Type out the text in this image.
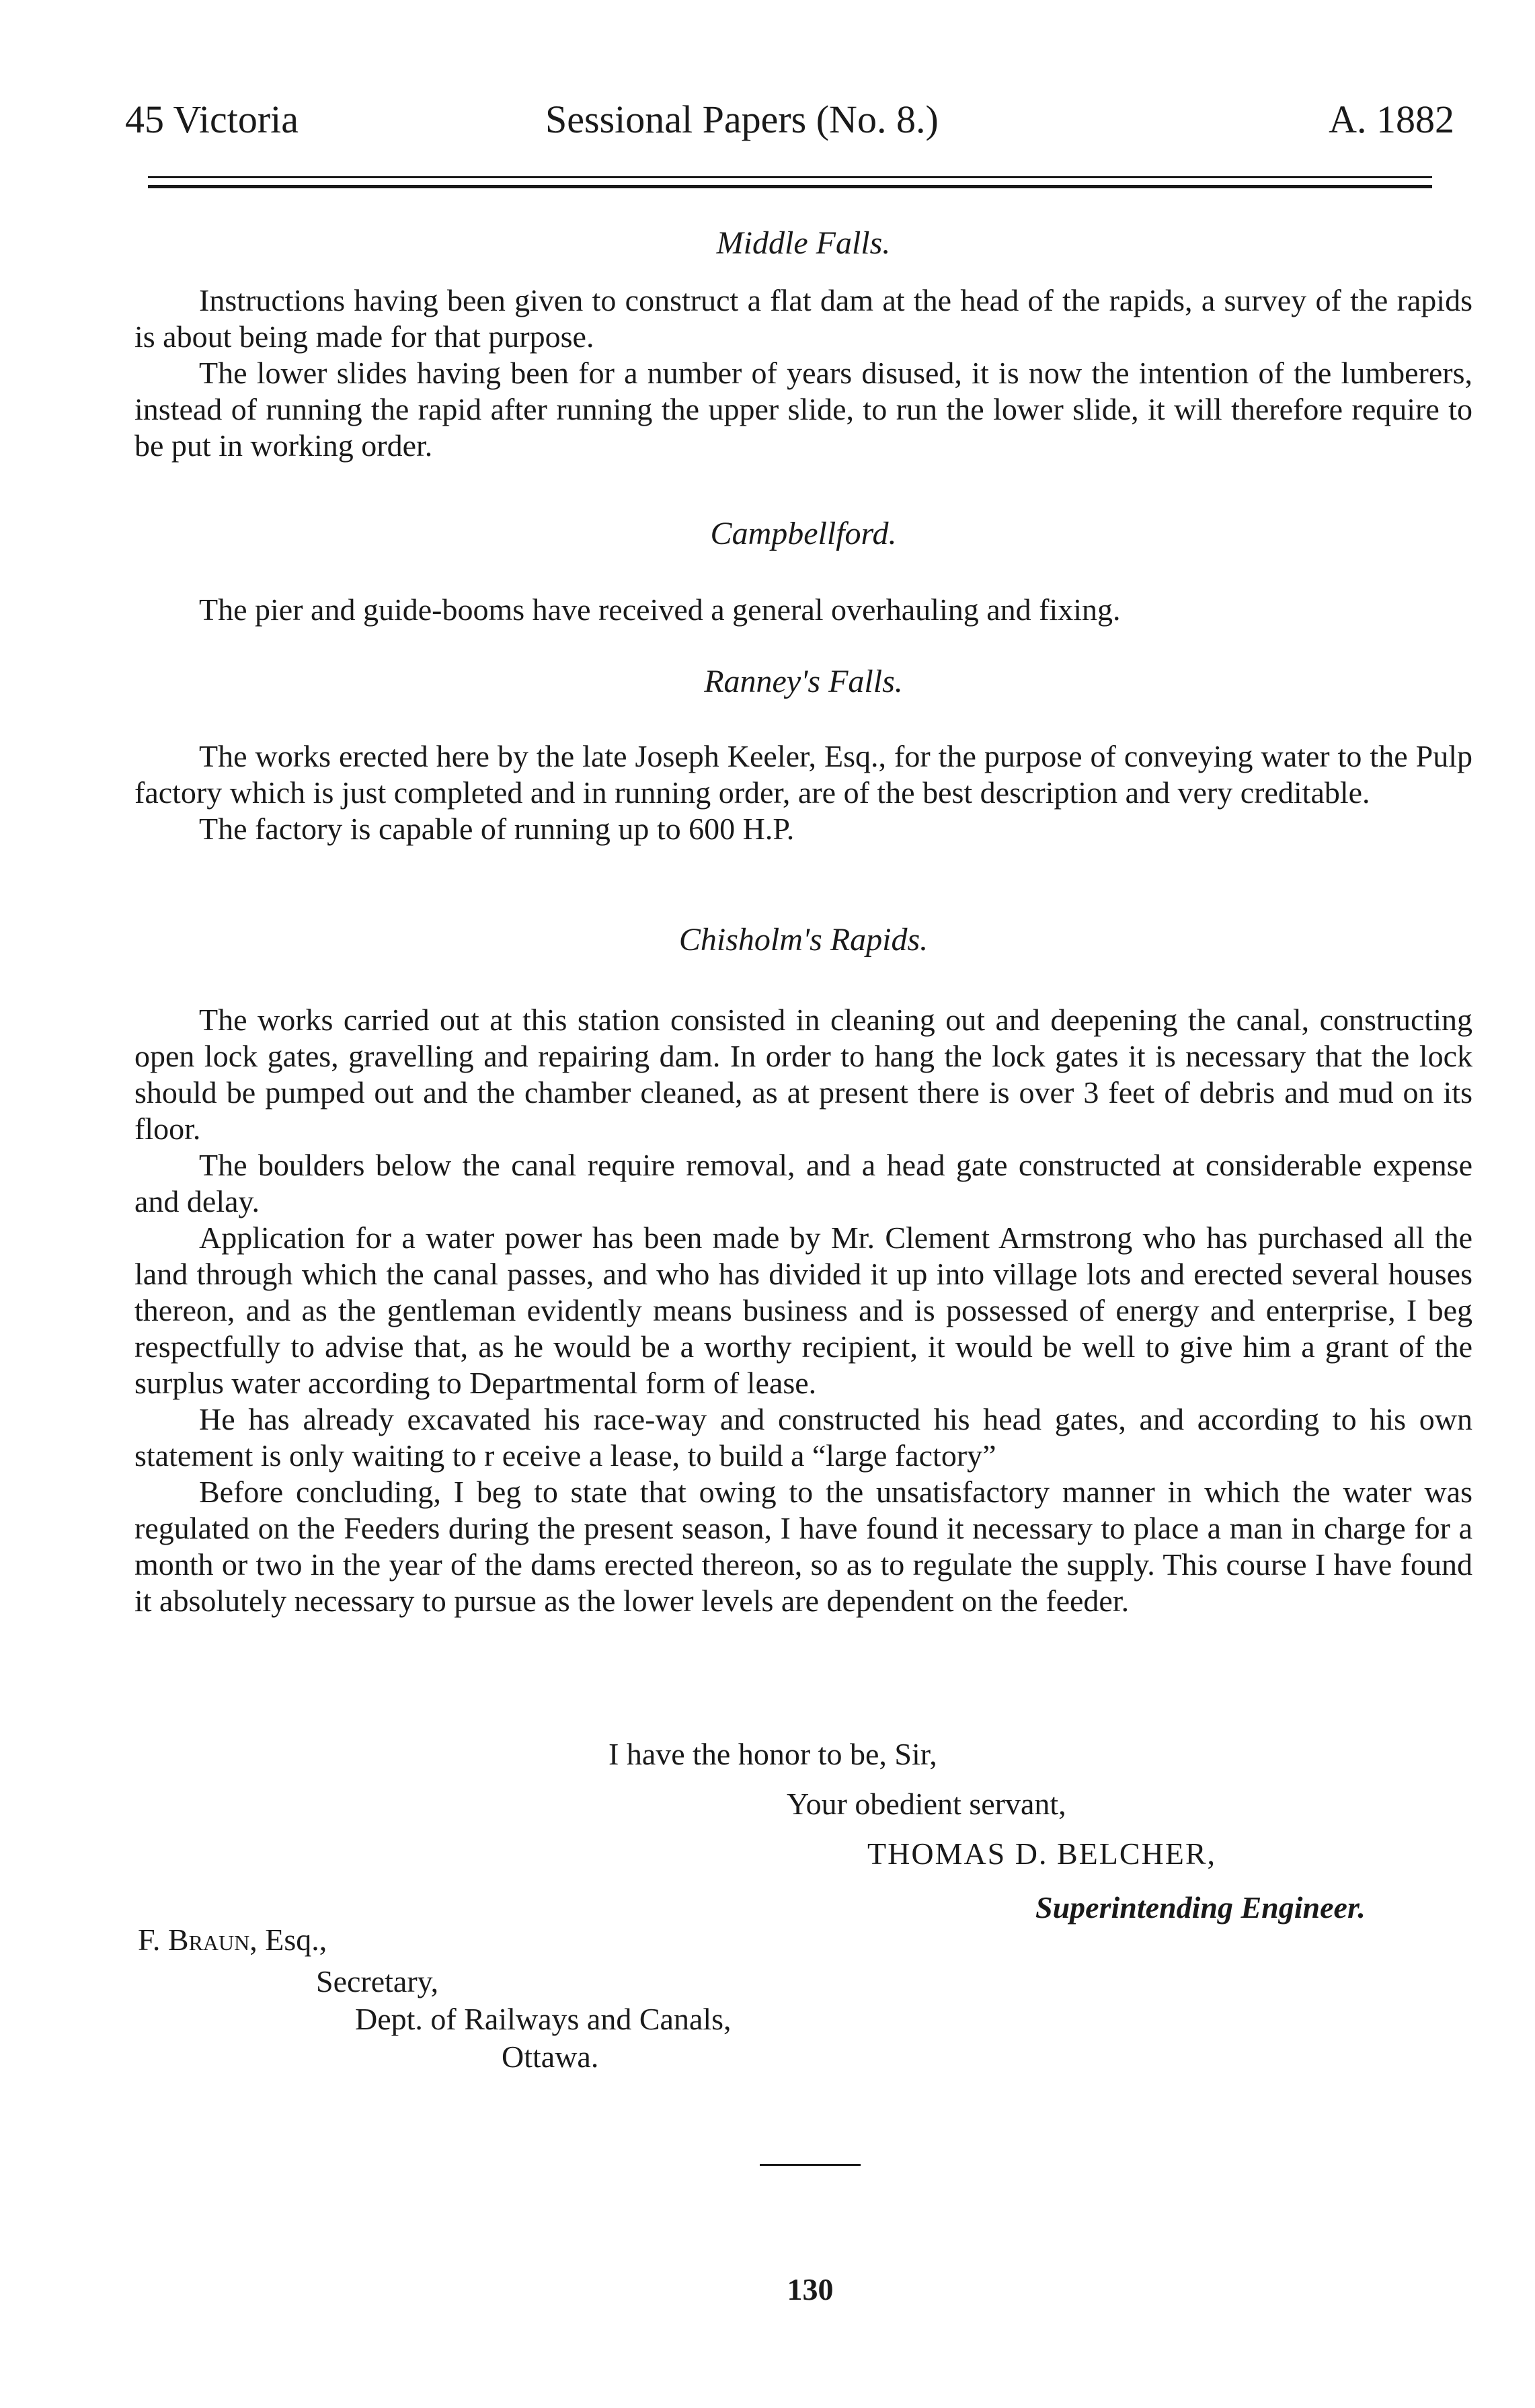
45 Victoria	Sessional Papers (No. 8.)	A. 1882
Middle Falls.

Instructions having been given to construct a flat dam at the head of the rapids, a survey of the rapids is about being made for that purpose.

The lower slides having been for a number of years disused, it is now the intention of the lumberers, instead of running the rapid after running the upper slide, to run the lower slide, it will therefore require to be put in working order.

Campbellford.

The pier and guide-booms have received a general overhauling and fixing.

Ranney's Falls.

The works erected here by the late Joseph Keeler, Esq., for the purpose of conveying water to the Pulp factory which is just completed and in running order, are of the best description and very creditable.

The factory is capable of running up to 600 H.P.

Chisholm's Rapids.

The works carried out at this station consisted in cleaning out and deepening the canal, constructing open lock gates, gravelling and repairing dam. In order to hang the lock gates it is necessary that the lock should be pumped out and the chamber cleaned, as at present there is over 3 feet of debris and mud on its floor.

The boulders below the canal require removal, and a head gate constructed at considerable expense and delay.

Application for a water power has been made by Mr. Clement Armstrong who has purchased all the land through which the canal passes, and who has divided it up into village lots and erected several houses thereon, and as the gentleman evidently means business and is possessed of energy and enterprise, I beg respectfully to advise that, as he would be a worthy recipient, it would be well to give him a grant of the surplus water according to Departmental form of lease.

He has already excavated his race-way and constructed his head gates, and according to his own statement is only waiting to r eceive a lease, to build a “large factory”

Before concluding, I beg to state that owing to the unsatisfactory manner in which the water was regulated on the Feeders during the present season, I have found it necessary to place a man in charge for a month or two in the year of the dams erected thereon, so as to regulate the supply. This course I have found it absolutely necessary to pursue as the lower levels are dependent on the feeder.

I have the honor to be, Sir,
Your obedient servant,
THOMAS D. BELCHER,
Superintending Engineer.
F. Braun, Esq.,
Secretary,
Dept. of Railways and Canals,
Ottawa.
130
